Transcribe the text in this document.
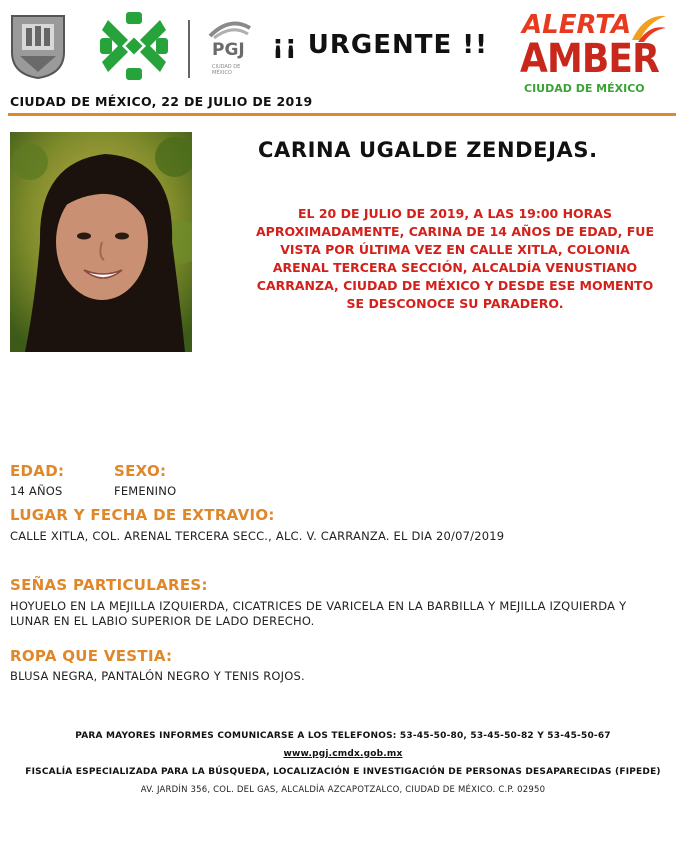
PGJ
CIUDAD DE MÉXICO
¡¡ URGENTE !!
ALERTA
AMBER
CIUDAD DE MÉXICO
CIUDAD DE MÉXICO, 22 DE JULIO DE 2019
CARINA UGALDE ZENDEJAS.
EL 20 DE JULIO DE 2019, A LAS 19:00 HORAS APROXIMADAMENTE, CARINA DE 14 AÑOS DE EDAD, FUE VISTA POR ÚLTIMA VEZ EN CALLE XITLA, COLONIA ARENAL TERCERA SECCIÓN, ALCALDÍA VENUSTIANO CARRANZA, CIUDAD DE MÉXICO Y DESDE ESE MOMENTO SE DESCONOCE SU PARADERO.
EDAD:
14 AÑOS
SEXO:
FEMENINO
LUGAR Y FECHA DE EXTRAVIO:
CALLE XITLA, COL. ARENAL TERCERA SECC., ALC. V. CARRANZA. EL DIA 20/07/2019
SEÑAS PARTICULARES:
HOYUELO EN LA MEJILLA IZQUIERDA, CICATRICES DE VARICELA EN LA BARBILLA Y MEJILLA IZQUIERDA Y LUNAR EN EL LABIO SUPERIOR DE LADO DERECHO.
ROPA QUE VESTIA:
BLUSA NEGRA, PANTALÓN NEGRO Y TENIS ROJOS.
PARA MAYORES INFORMES COMUNICARSE A LOS TELEFONOS: 53-45-50-80, 53-45-50-82 Y 53-45-50-67
www.pgj.cmdx.gob.mx
FISCALÍA ESPECIALIZADA PARA LA BÚSQUEDA, LOCALIZACIÓN E INVESTIGACIÓN DE PERSONAS DESAPARECIDAS (FIPEDE)
AV. JARDÍN 356, COL. DEL GAS, ALCALDÍA AZCAPOTZALCO, CIUDAD DE MÉXICO. C.P. 02950
